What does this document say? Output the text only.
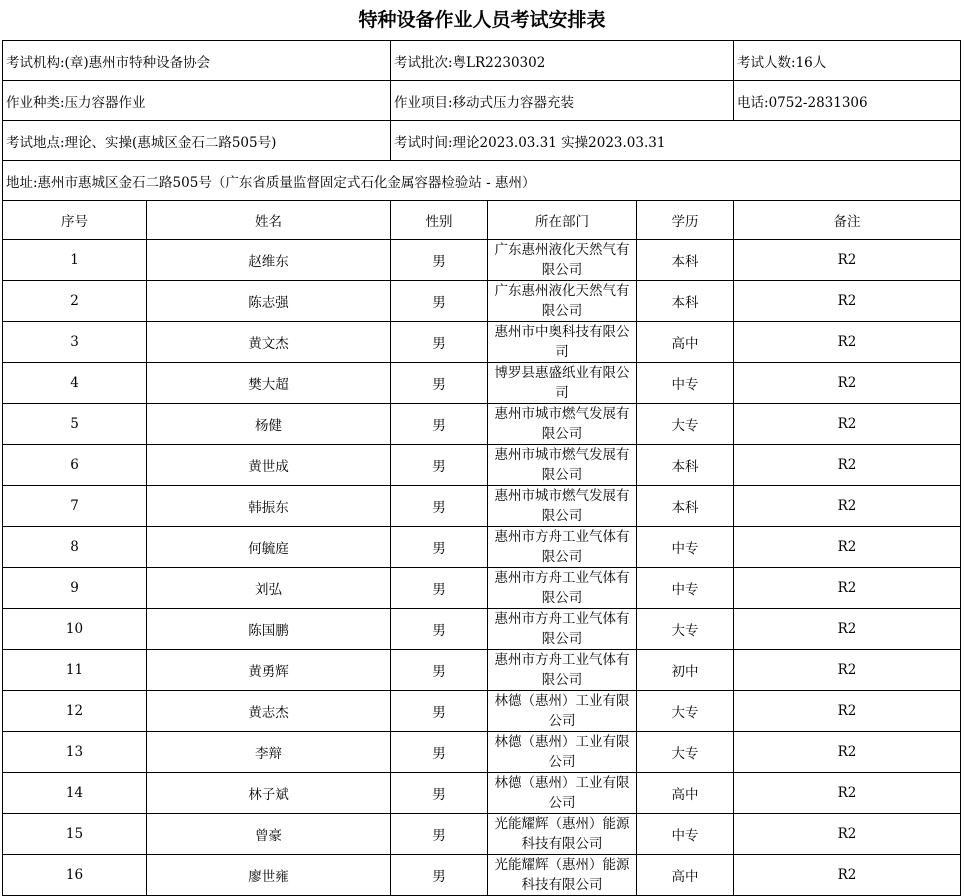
特种设备作业人员考试安排表
考试机构:(章)惠州市特种设备协会		考试批次:粤LR2230302			考试人数:16人
作业种类:压力容器作业		作业项目:移动式压力容器充装			电话:0752-2831306
考试地点:理论、实操(惠城区金石二路505号)		考试时间:理论2023.03.31 实操2023.03.31			
地址:惠州市惠城区金石二路505号（广东省质量监督固定式石化金属容器检验站 - 惠州）					
序号	姓名	性别	所在部门	学历	备注
1	赵维东	男	广东惠州液化天然气有限公司	本科	R2
2	陈志强	男	广东惠州液化天然气有限公司	本科	R2
3	黄文杰	男	惠州市中奥科技有限公司	高中	R2
4	樊大超	男	博罗县惠盛纸业有限公司	中专	R2
5	杨健	男	惠州市城市燃气发展有限公司	大专	R2
6	黄世成	男	惠州市城市燃气发展有限公司	本科	R2
7	韩振东	男	惠州市城市燃气发展有限公司	本科	R2
8	何毓庭	男	惠州市方舟工业气体有限公司	中专	R2
9	刘弘	男	惠州市方舟工业气体有限公司	中专	R2
10	陈国鹏	男	惠州市方舟工业气体有限公司	大专	R2
11	黄勇辉	男	惠州市方舟工业气体有限公司	初中	R2
12	黄志杰	男	林德（惠州）工业有限公司	大专	R2
13	李辩	男	林德（惠州）工业有限公司	大专	R2
14	林子斌	男	林德（惠州）工业有限公司	高中	R2
15	曾豪	男	光能耀辉（惠州）能源科技有限公司	中专	R2
16	廖世雍	男	光能耀辉（惠州）能源科技有限公司	高中	R2
